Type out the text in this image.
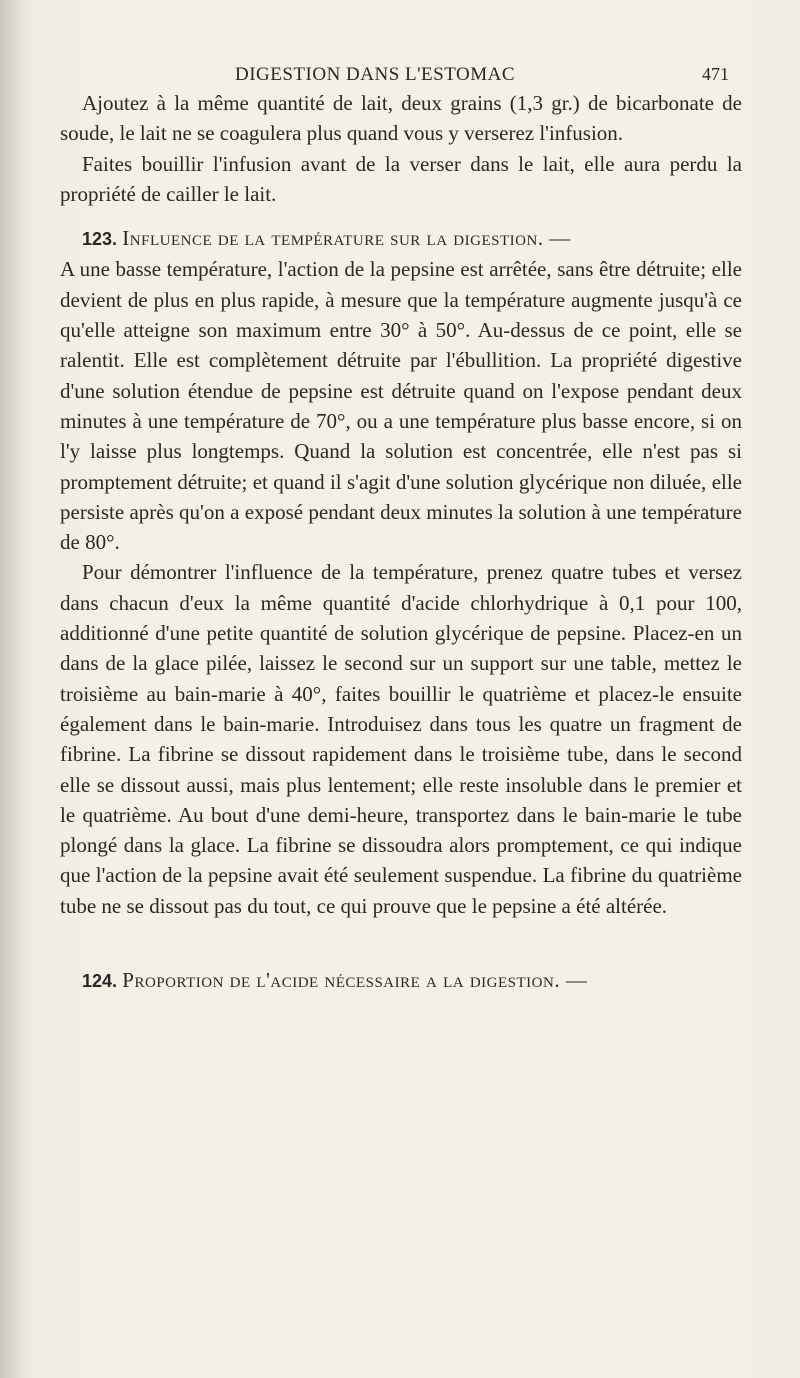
DIGESTION DANS L'ESTOMAC	471

Ajoutez à la même quantité de lait, deux grains (1,3 gr.) de bicarbonate de soude, le lait ne se coagulera plus quand vous y verserez l'infusion.

Faites bouillir l'infusion avant de la verser dans le lait, elle aura perdu la propriété de cailler le lait.

123. Influence de la température sur la digestion. —

A une basse température, l'action de la pepsine est arrêtée, sans être détruite; elle devient de plus en plus rapide, à mesure que la température augmente jusqu'à ce qu'elle atteigne son maximum entre 30° à 50°. Au-dessus de ce point, elle se ralentit. Elle est complètement détruite par l'ébullition. La propriété digestive d'une solution étendue de pepsine est détruite quand on l'expose pendant deux minutes à une température de 70°, ou a une température plus basse encore, si on l'y laisse plus longtemps. Quand la solution est concentrée, elle n'est pas si promptement détruite; et quand il s'agit d'une solution glycérique non diluée, elle persiste après qu'on a exposé pendant deux minutes la solution à une température de 80°.

Pour démontrer l'influence de la température, prenez quatre tubes et versez dans chacun d'eux la même quantité d'acide chlorhydrique à 0,1 pour 100, additionné d'une petite quantité de solution glycérique de pepsine. Placez-en un dans de la glace pilée, laissez le second sur un support sur une table, mettez le troisième au bain-marie à 40°, faites bouillir le quatrième et placez-le ensuite également dans le bain-marie. Introduisez dans tous les quatre un fragment de fibrine. La fibrine se dissout rapidement dans le troisième tube, dans le second elle se dissout aussi, mais plus lentement; elle reste insoluble dans le premier et le quatrième. Au bout d'une demi-heure, transportez dans le bain-marie le tube plongé dans la glace. La fibrine se dissoudra alors promptement, ce qui indique que l'action de la pepsine avait été seulement suspendue. La fibrine du quatrième tube ne se dissout pas du tout, ce qui prouve que le pepsine a été altérée.

124. Proportion de l'acide nécessaire a la digestion. —
